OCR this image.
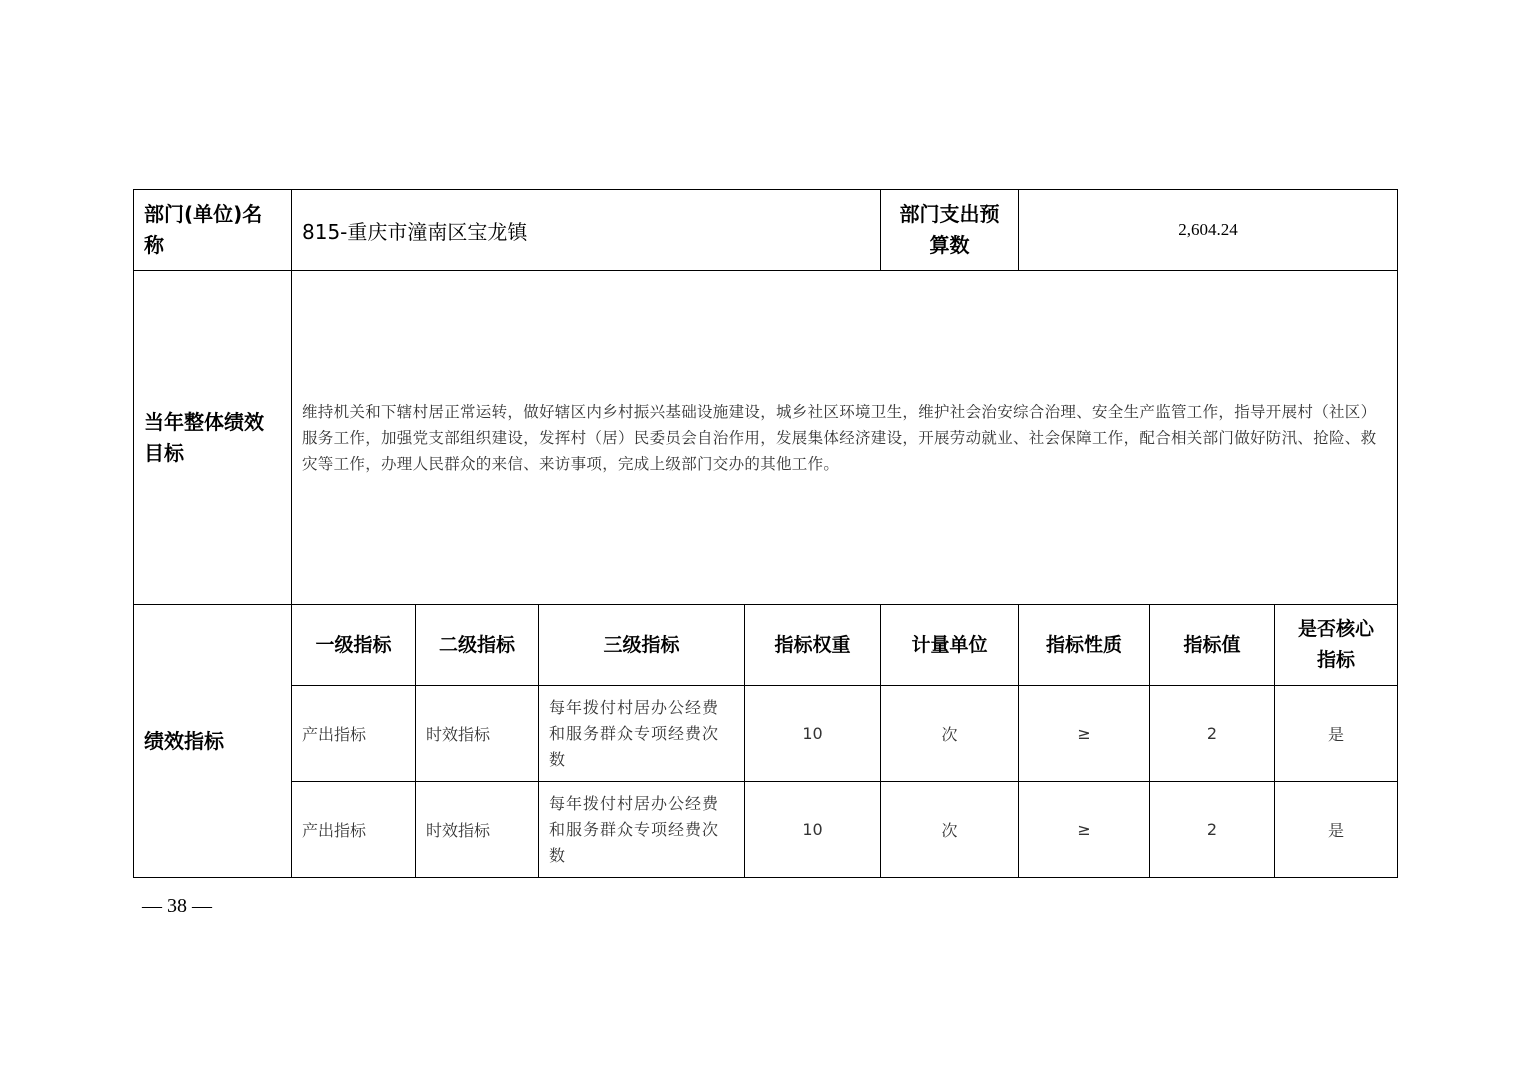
部门(单位)名称	815-重庆市潼南区宝龙镇				部门支出预算数	2,604.24		
当年整体绩效目标	维持机关和下辖村居正常运转，做好辖区内乡村振兴基础设施建设，城乡社区环境卫生，维护社会治安综合治理、安全生产监管工作，指导开展村（社区）服务工作，加强党支部组织建设，发挥村（居）民委员会自治作用，发展集体经济建设，开展劳动就业、社会保障工作，配合相关部门做好防汛、抢险、救灾等工作，办理人民群众的来信、来访事项，完成上级部门交办的其他工作。							
绩效指标	一级指标	二级指标	三级指标	指标权重	计量单位	指标性质	指标值	是否核心指标

	产出指标	时效指标	每年拨付村居办公经费和服务群众专项经费次数	10	次	≥	2	是
	产出指标	时效指标	每年拨付村居办公经费和服务群众专项经费次数	10	次	≥	2	是
— 38 —
